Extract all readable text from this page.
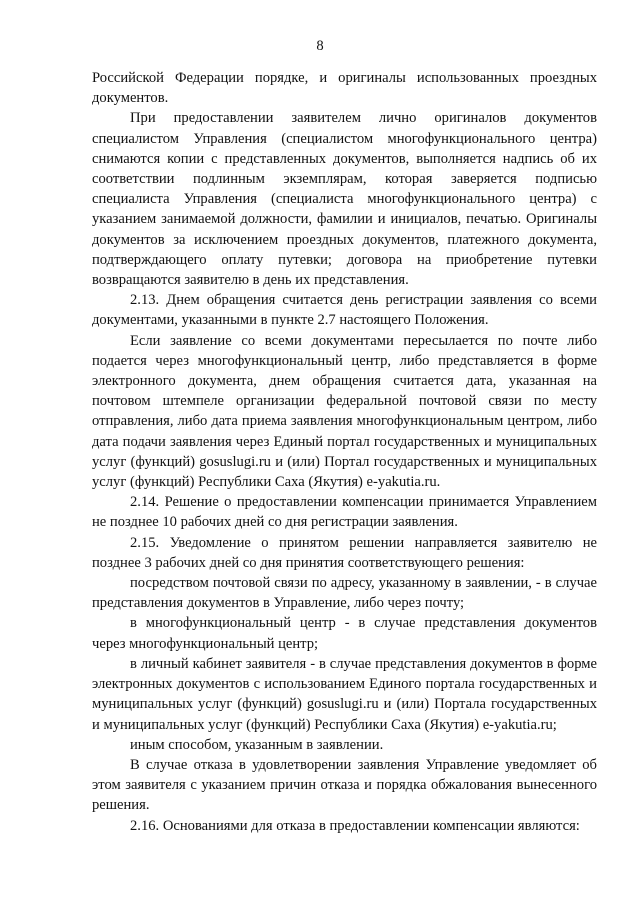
8

Российской Федерации порядке, и оригиналы использованных проездных документов.

При предоставлении заявителем лично оригиналов документов специалистом Управления (специалистом многофункционального центра) снимаются копии с представленных документов, выполняется надпись об их соответствии подлинным экземплярам, которая заверяется подписью специалиста Управления (специалиста многофункционального центра) с указанием занимаемой должности, фамилии и инициалов, печатью. Оригиналы документов за исключением проездных документов, платежного документа, подтверждающего оплату путевки; договора на приобретение путевки возвращаются заявителю в день их представления.

2.13. Днем обращения считается день регистрации заявления со всеми документами, указанными в пункте 2.7 настоящего Положения.

Если заявление со всеми документами пересылается по почте либо подается через многофункциональный центр, либо представляется в форме электронного документа, днем обращения считается дата, указанная на почтовом штемпеле организации федеральной почтовой связи по месту отправления, либо дата приема заявления многофункциональным центром, либо дата подачи заявления через Единый портал государственных и муниципальных услуг (функций) gosuslugi.ru и (или) Портал государственных и муниципальных услуг (функций) Республики Саха (Якутия) e-yakutia.ru.

2.14. Решение о предоставлении компенсации принимается Управлением не позднее 10 рабочих дней со дня регистрации заявления.

2.15. Уведомление о принятом решении направляется заявителю не позднее 3 рабочих дней со дня принятия соответствующего решения:

посредством почтовой связи по адресу, указанному в заявлении, - в случае представления документов в Управление, либо через почту;

в многофункциональный центр - в случае представления документов через многофункциональный центр;

в личный кабинет заявителя - в случае представления документов в форме электронных документов с использованием Единого портала государственных и муниципальных услуг (функций) gosuslugi.ru и (или) Портала государственных и муниципальных услуг (функций) Республики Саха (Якутия) e-yakutia.ru;

иным способом, указанным в заявлении.

В случае отказа в удовлетворении заявления Управление уведомляет об этом заявителя с указанием причин отказа и порядка обжалования вынесенного решения.

2.16. Основаниями для отказа в предоставлении компенсации являются:
